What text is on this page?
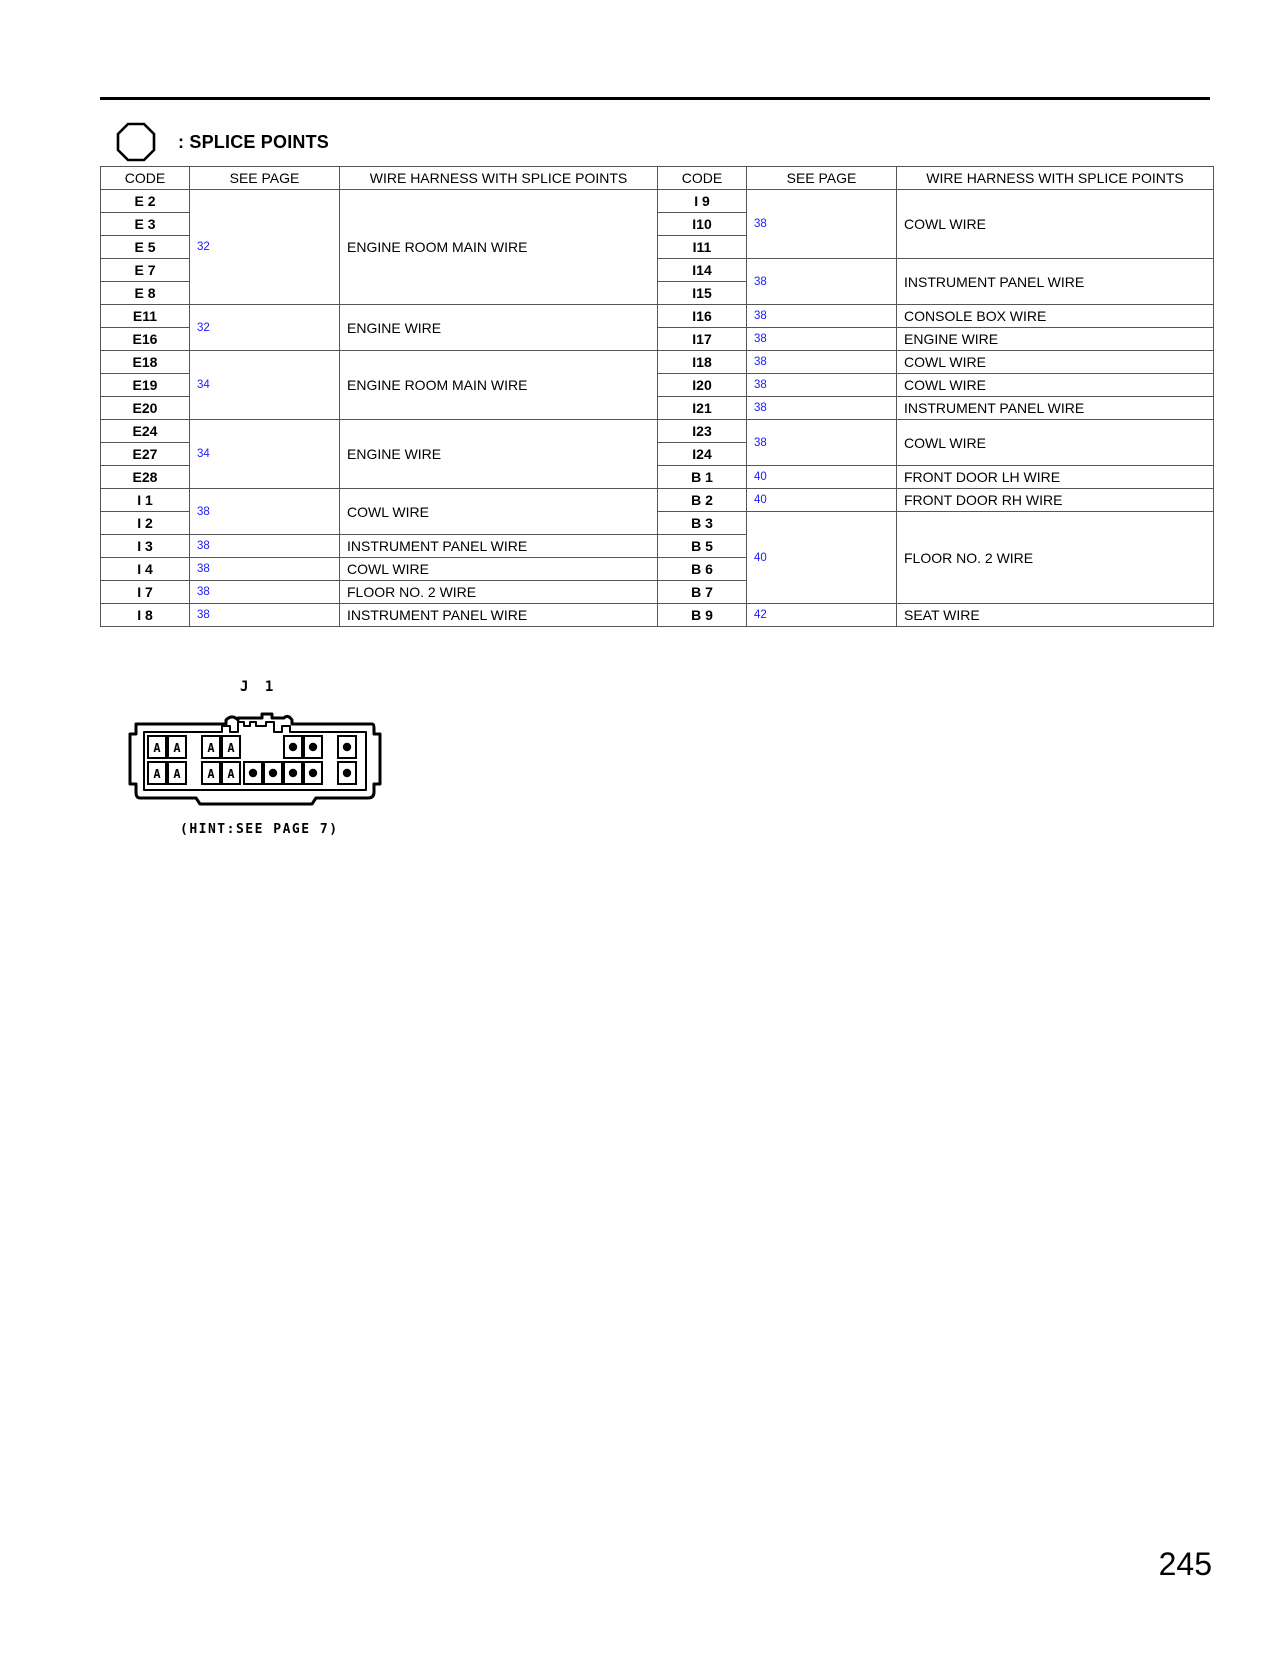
: SPLICE POINTS
CODE	SEE PAGE	WIRE HARNESS WITH SPLICE POINTS	CODE	SEE PAGE	WIRE HARNESS WITH SPLICE POINTS
E 2	32	ENGINE ROOM MAIN WIRE	I 9	38	COWL WIRE
E 3			I10		
E 5			I11		
E 7			I14	38	INSTRUMENT PANEL WIRE
E 8			I15		
E11	32	ENGINE WIRE	I16	38	CONSOLE BOX WIRE
E16			I17	38	ENGINE WIRE
E18	34	ENGINE ROOM MAIN WIRE	I18	38	COWL WIRE
E19			I20	38	COWL WIRE
E20			I21	38	INSTRUMENT PANEL WIRE
E24	34	ENGINE WIRE	I23	38	COWL WIRE
E27			I24		
E28			B 1	40	FRONT DOOR LH WIRE
I 1	38	COWL WIRE	B 2	40	FRONT DOOR RH WIRE
I 2			B 3	40	FLOOR NO. 2 WIRE
I 3	38	INSTRUMENT PANEL WIRE	B 5		
I 4	38	COWL WIRE	B 6		
I 7	38	FLOOR NO. 2 WIRE	B 7		
I 8	38	INSTRUMENT PANEL WIRE	B 9	42	SEAT WIRE
J 1
A A A A
A A A A
(HINT:SEE PAGE 7)
245
